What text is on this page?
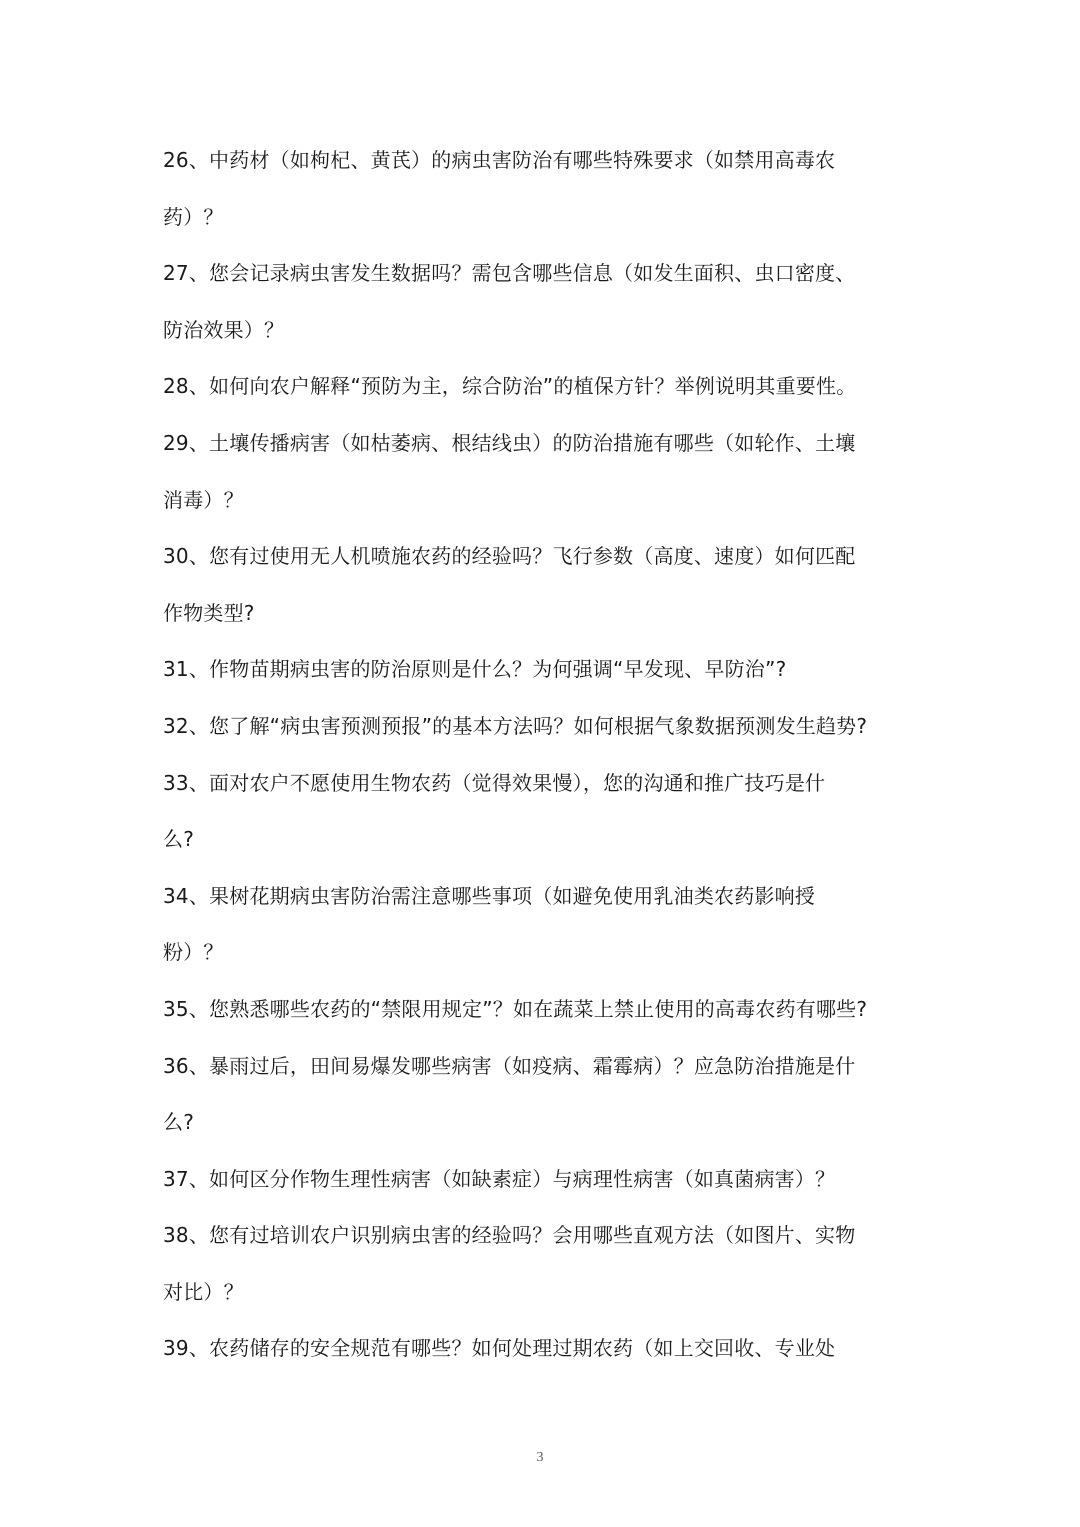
26、中药材（如枸杞、黄芪）的病虫害防治有哪些特殊要求（如禁用高毒农
药）？
27、您会记录病虫害发生数据吗？需包含哪些信息（如发生面积、虫口密度、
防治效果）？
28、如何向农户解释“预防为主，综合防治”的植保方针？举例说明其重要性。
29、土壤传播病害（如枯萎病、根结线虫）的防治措施有哪些（如轮作、土壤
消毒）？
30、您有过使用无人机喷施农药的经验吗？飞行参数（高度、速度）如何匹配
作物类型?
31、作物苗期病虫害的防治原则是什么？为何强调“早发现、早防治”?
32、您了解“病虫害预测预报”的基本方法吗？如何根据气象数据预测发生趋势?
33、面对农户不愿使用生物农药（觉得效果慢），您的沟通和推广技巧是什
么?
34、果树花期病虫害防治需注意哪些事项（如避免使用乳油类农药影响授
粉）？
35、您熟悉哪些农药的“禁限用规定”？如在蔬菜上禁止使用的高毒农药有哪些?
36、暴雨过后，田间易爆发哪些病害（如疫病、霜霉病）？应急防治措施是什
么?
37、如何区分作物生理性病害（如缺素症）与病理性病害（如真菌病害）？
38、您有过培训农户识别病虫害的经验吗？会用哪些直观方法（如图片、实物
对比）？
39、农药储存的安全规范有哪些？如何处理过期农药（如上交回收、专业处
3
